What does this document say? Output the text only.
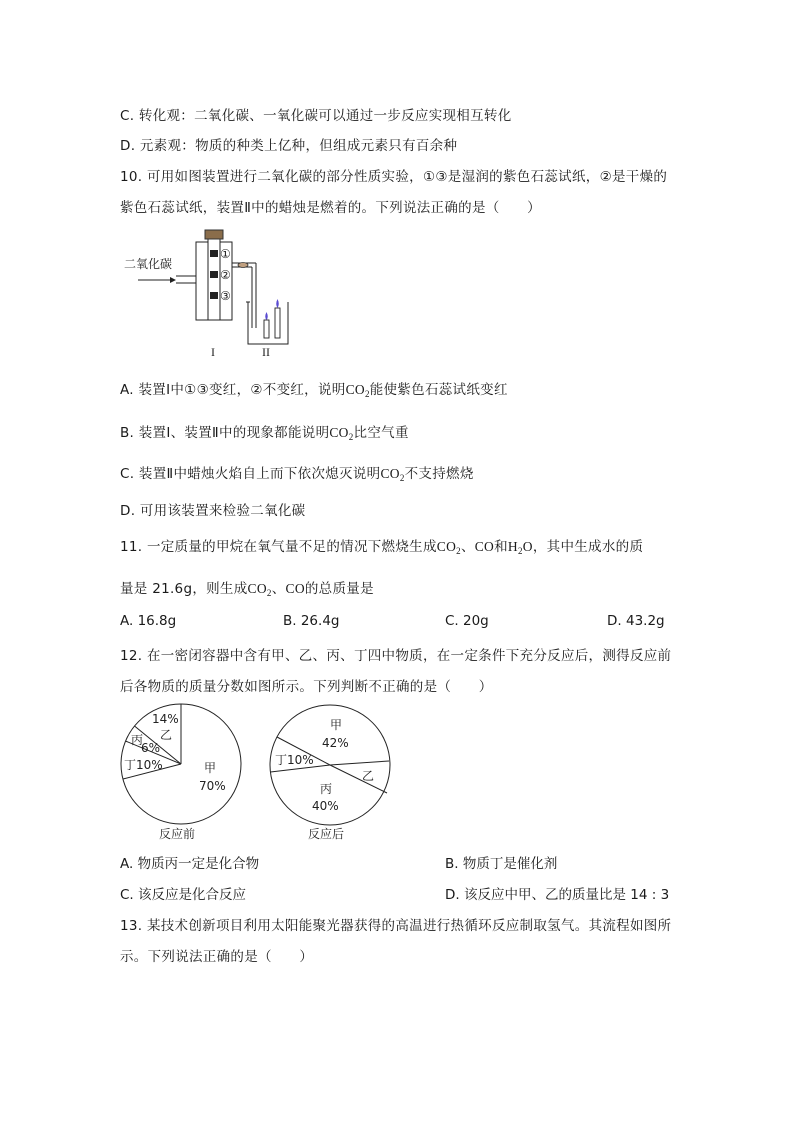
C. 转化观：二氧化碳、一氧化碳可以通过一步反应实现相互转化
D. 元素观：物质的种类上亿种，但组成元素只有百余种
10. 可用如图装置进行二氧化碳的部分性质实验，①③是湿润的紫色石蕊试纸，②是干燥的
紫色石蕊试纸，装置Ⅱ中的蜡烛是燃着的。下列说法正确的是（　　）
二氧化碳
①
②
③
I	II
A. 装置Ⅰ中①③变红，②不变红，说明$CO_2$能使紫色石蕊试纸变红
B. 装置Ⅰ、装置Ⅱ中的现象都能说明$CO_2$比空气重
C. 装置Ⅱ中蜡烛火焰自上而下依次熄灭说明$CO_2$不支持燃烧
D. 可用该装置来检验二氧化碳
11. 一定质量的甲烷在氧气量不足的情况下燃烧生成$CO_2$、CO和$H_2O$，其中生成水的质
量是 21.6g，则生成$CO_2$、CO的总质量是
A. 16.8g	B. 26.4g	C. 20g	D. 43.2g
12. 在一密闭容器中含有甲、乙、丙、丁四中物质，在一定条件下充分反应后，测得反应前
后各物质的质量分数如图所示。下列判断不正确的是（　　）
14%
乙
丙
6%
丁10%	甲
70%
反应前
甲
42%
丁10%
乙
丙
40%
反应后
A. 物质丙一定是化合物	B. 物质丁是催化剂
C. 该反应是化合反应	D. 该反应中甲、乙的质量比是 14 : 3
13. 某技术创新项目利用太阳能聚光器获得的高温进行热循环反应制取氢气。其流程如图所
示。下列说法正确的是（　　）
